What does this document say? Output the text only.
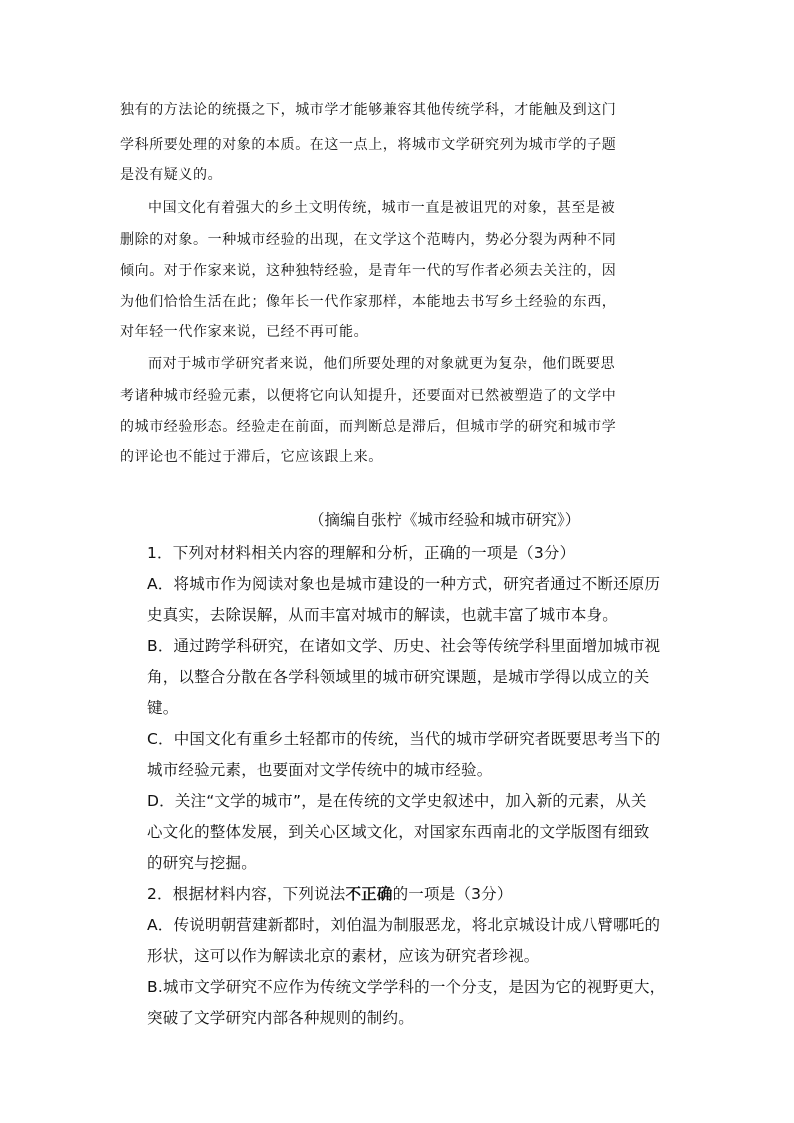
独有的方法论的统摄之下，城市学才能够兼容其他传统学科，才能触及到这门
学科所要处理的对象的本质。在这一点上，将城市文学研究列为城市学的子题
是没有疑义的。
中国文化有着强大的乡土文明传统，城市一直是被诅咒的对象，甚至是被
删除的对象。一种城市经验的出现，在文学这个范畴内，势必分裂为两种不同
倾向。对于作家来说，这种独特经验，是青年一代的写作者必须去关注的，因
为他们恰恰生活在此；像年长一代作家那样，本能地去书写乡土经验的东西，
对年轻一代作家来说，已经不再可能。
而对于城市学研究者来说，他们所要处理的对象就更为复杂，他们既要思
考诸种城市经验元素，以便将它向认知提升，还要面对已然被塑造了的文学中
的城市经验形态。经验走在前面，而判断总是滞后，但城市学的研究和城市学
的评论也不能过于滞后，它应该跟上来。
（摘编自张柠《城市经验和城市研究》）
1．下列对材料相关内容的理解和分析，正确的一项是（3分）
A．将城市作为阅读对象也是城市建设的一种方式，研究者通过不断还原历
史真实，去除误解，从而丰富对城市的解读，也就丰富了城市本身。
B．通过跨学科研究，在诸如文学、历史、社会等传统学科里面增加城市视
角，以整合分散在各学科领域里的城市研究课题，是城市学得以成立的关
键。
C．中国文化有重乡土轻都市的传统，当代的城市学研究者既要思考当下的
城市经验元素，也要面对文学传统中的城市经验。
D．关注“文学的城市”，是在传统的文学史叙述中，加入新的元素，从关
心文化的整体发展，到关心区域文化，对国家东西南北的文学版图有细致
的研究与挖掘。
2．根据材料内容，下列说法不正确的一项是（3分）
A．传说明朝营建新都时，刘伯温为制服恶龙，将北京城设计成八臂哪吒的
形状，这可以作为解读北京的素材，应该为研究者珍视。
B.城市文学研究不应作为传统文学学科的一个分支，是因为它的视野更大，
突破了文学研究内部各种规则的制约。
